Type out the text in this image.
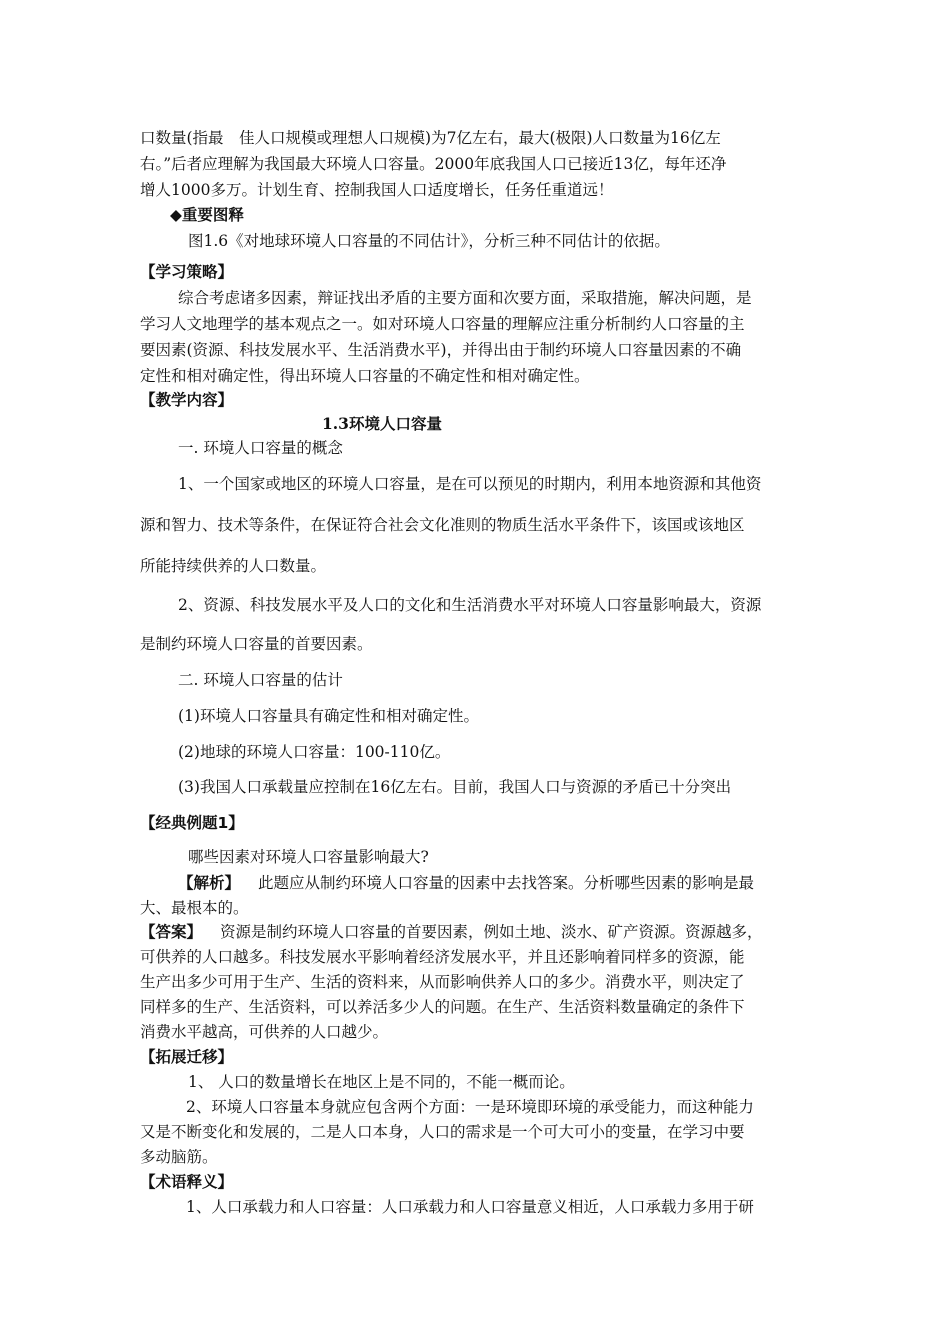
口数量(指最　佳人口规模或理想人口规模)为7亿左右，最大(极限)人口数量为16亿左
右。”后者应理解为我国最大环境人口容量。2000年底我国人口已接近13亿，每年还净
增人1000多万。计划生育、控制我国人口适度增长，任务任重道远！
◆重要图释
图1.6《对地球环境人口容量的不同估计》，分析三种不同估计的依据。
【学习策略】
综合考虑诸多因素，辩证找出矛盾的主要方面和次要方面，采取措施，解决问题，是
学习人文地理学的基本观点之一。如对环境人口容量的理解应注重分析制约人口容量的主
要因素(资源、科技发展水平、生活消费水平)，并得出由于制约环境人口容量因素的不确
定性和相对确定性，得出环境人口容量的不确定性和相对确定性。
【教学内容】
1.3环境人口容量
一. 环境人口容量的概念
1、一个国家或地区的环境人口容量，是在可以预见的时期内，利用本地资源和其他资
源和智力、技术等条件，在保证符合社会文化准则的物质生活水平条件下，该国或该地区
所能持续供养的人口数量。
2、资源、科技发展水平及人口的文化和生活消费水平对环境人口容量影响最大，资源
是制约环境人口容量的首要因素。
二. 环境人口容量的估计
(1)环境人口容量具有确定性和相对确定性。
(2)地球的环境人口容量：100-110亿。
(3)我国人口承载量应控制在16亿左右。目前，我国人口与资源的矛盾已十分突出
【经典例题1】
哪些因素对环境人口容量影响最大?
【解析】 此题应从制约环境人口容量的因素中去找答案。分析哪些因素的影响是最
大、最根本的。
【答案】 资源是制约环境人口容量的首要因素，例如土地、淡水、矿产资源。资源越多，
可供养的人口越多。科技发展水平影响着经济发展水平，并且还影响着同样多的资源，能
生产出多少可用于生产、生活的资料来，从而影响供养人口的多少。消费水平，则决定了
同样多的生产、生活资料，可以养活多少人的问题。在生产、生活资料数量确定的条件下
消费水平越高，可供养的人口越少。
【拓展迁移】
1、 人口的数量增长在地区上是不同的，不能一概而论。
2、环境人口容量本身就应包含两个方面：一是环境即环境的承受能力，而这种能力
又是不断变化和发展的，二是人口本身，人口的需求是一个可大可小的变量，在学习中要
多动脑筋。
【术语释义】
1、人口承载力和人口容量：人口承载力和人口容量意义相近，人口承载力多用于研
